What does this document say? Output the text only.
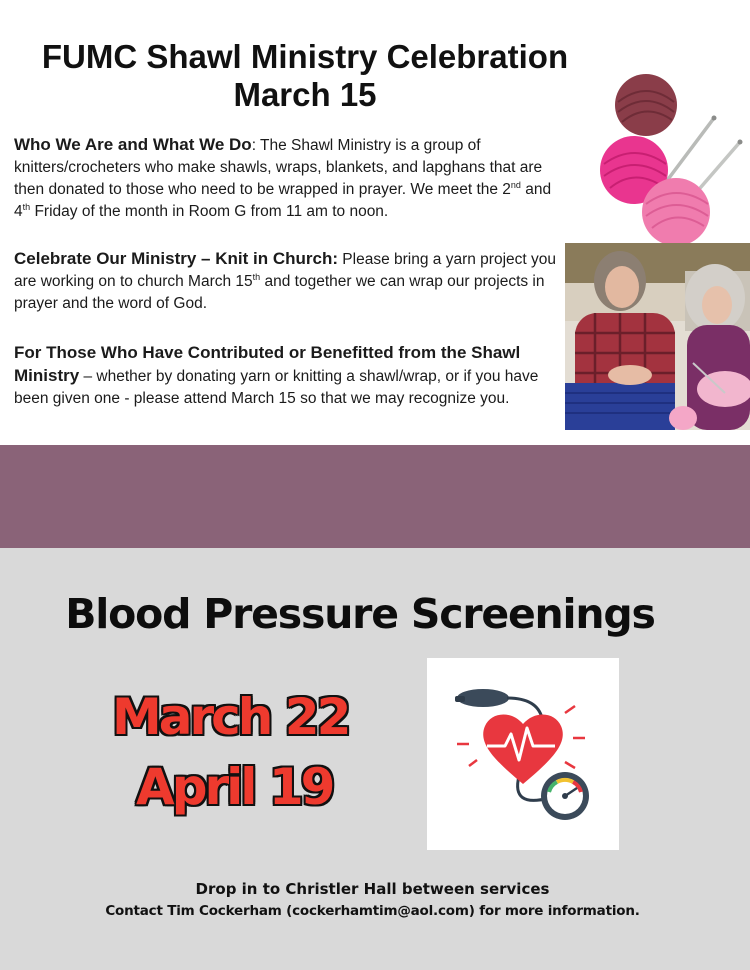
FUMC Shawl Ministry Celebration
March 15

Who We Are and What We Do: The Shawl Ministry is a group of knitters/crocheters who make shawls, wraps, blankets, and lapghans that are then donated to those who need to be wrapped in prayer. We meet the 2nd and 4th Friday of the month in Room G from 11 am to noon.

Celebrate Our Ministry – Knit in Church: Please bring a yarn project you are working on to church March 15th and together we can wrap our projects in prayer and the word of God.

For Those Who Have Contributed or Benefitted from the Shawl Ministry – whether by donating yarn or knitting a shawl/wrap, or if you have been given one - please attend March 15 so that we may recognize you.

Blood Pressure Screenings
March 22
April 19
Drop in to Christler Hall between services
Contact Tim Cockerham (cockerhamtim@aol.com) for more information.
